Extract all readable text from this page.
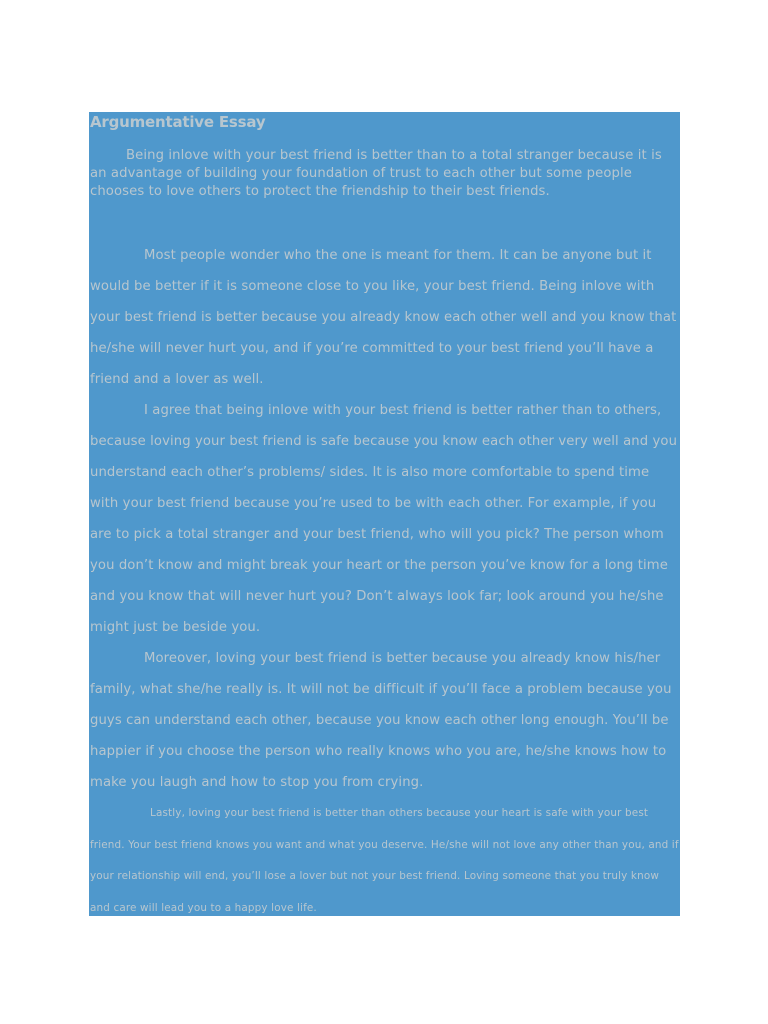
Argumentative Essay

Being inlove with your best friend is better than to a total stranger because it is an advantage of building your foundation of trust to each other but some people chooses to love others to protect the friendship to their best friends.

Most people wonder who the one is meant for them. It can be anyone but it would be better if it is someone close to you like, your best friend. Being inlove with your best friend is better because you already know each other well and you know that he/she will never hurt you, and if you’re committed to your best friend you’ll have a friend and a lover as well.

I agree that being inlove with your best friend is better rather than to others, because loving your best friend is safe because you know each other very well and you understand each other’s problems/ sides. It is also more comfortable to spend time with your best friend because you’re used to be with each other. For example, if you are to pick a total stranger and your best friend, who will you pick? The person whom you don’t know and might break your heart or the person you’ve know for a long time and you know that will never hurt you? Don’t always look far; look around you he/she might just be beside you.

Moreover, loving your best friend is better because you already know his/her family, what she/he really is. It will not be difficult if you’ll face a problem because you guys can understand each other, because you know each other long enough. You’ll be happier if you choose the person who really knows who you are, he/she knows how to make you laugh and how to stop you from crying.

Lastly, loving your best friend is better than others because your heart is safe with your best friend. Your best friend knows you want and what you deserve. He/she will not love any other than you, and if your relationship will end, you’ll lose a lover but not your best friend. Loving someone that you truly know and care will lead you to a happy love life.
